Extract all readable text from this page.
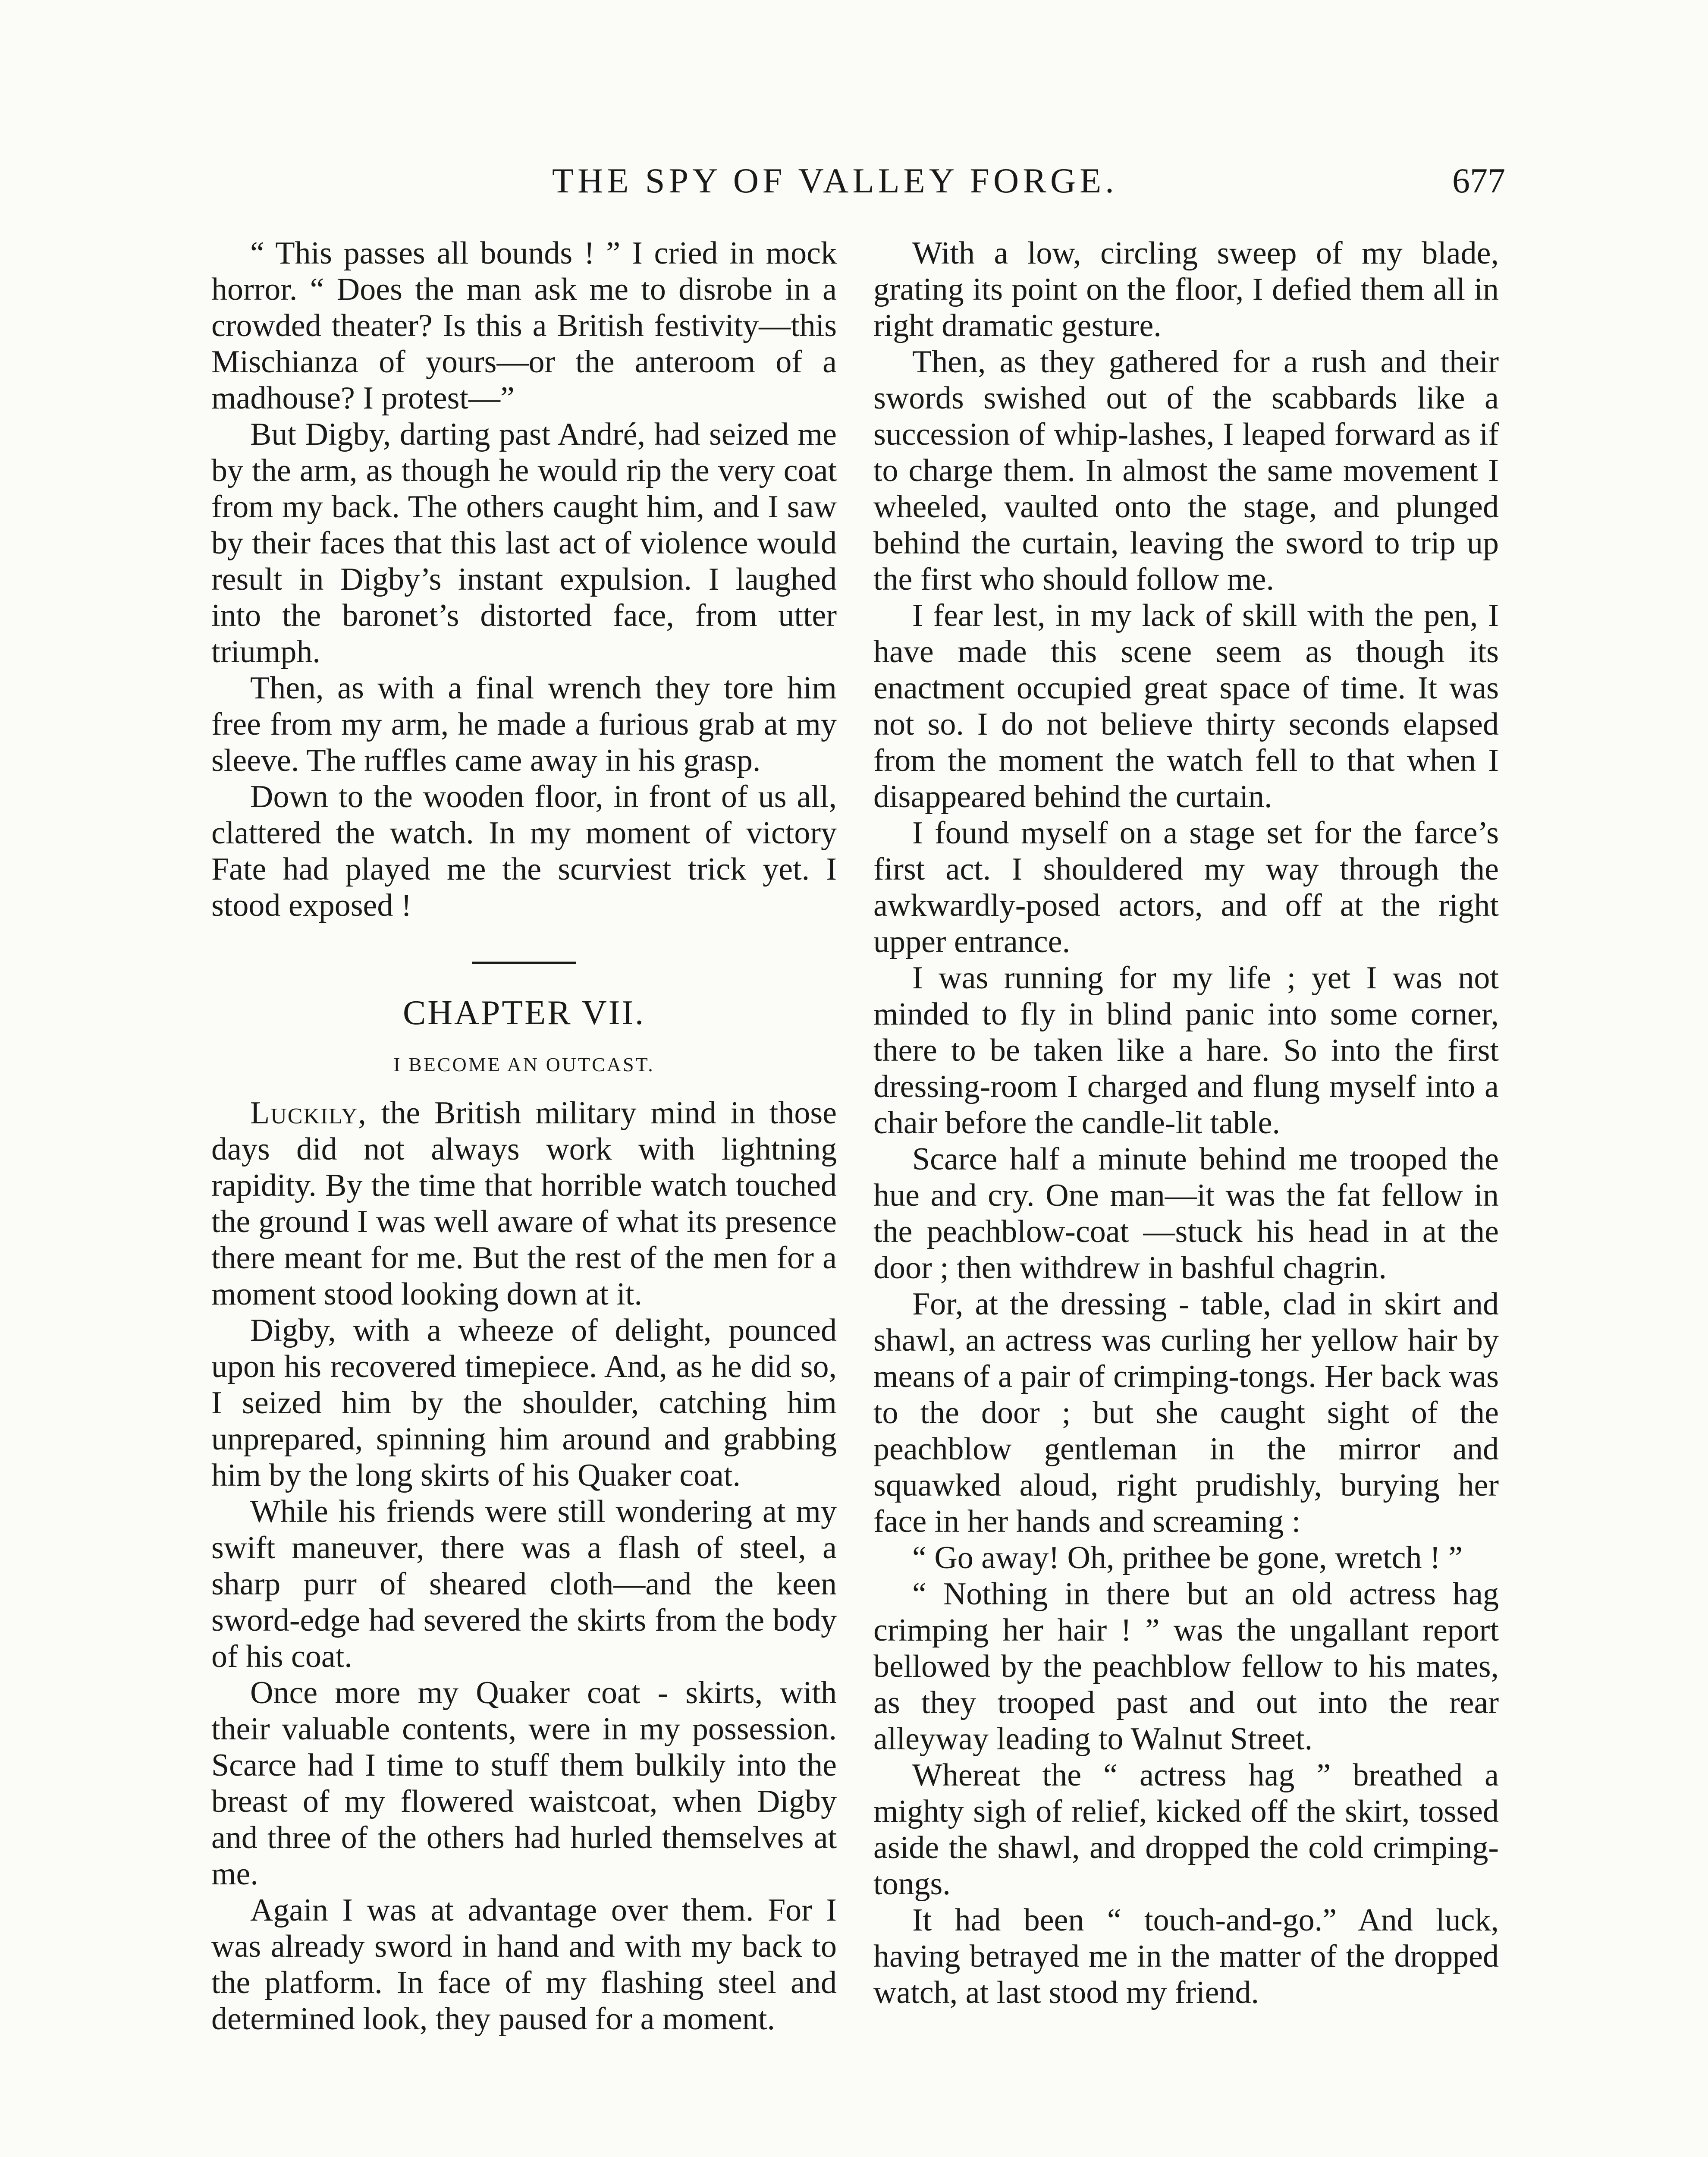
THE SPY OF VALLEY FORGE.	677

“ This passes all bounds ! ” I cried in mock horror. “ Does the man ask me to disrobe in a crowded theater? Is this a British festivity—this Mischianza of yours—or the anteroom of a madhouse? I protest—”

But Digby, darting past André, had seized me by the arm, as though he would rip the very coat from my back. The others caught him, and I saw by their faces that this last act of violence would result in Digby’s instant expulsion. I laughed into the baronet’s distorted face, from utter triumph.

Then, as with a final wrench they tore him free from my arm, he made a furious grab at my sleeve. The ruffles came away in his grasp.

Down to the wooden floor, in front of us all, clattered the watch. In my moment of victory Fate had played me the scurviest trick yet. I stood exposed !

CHAPTER VII.
I BECOME AN OUTCAST.

Luckily, the British military mind in those days did not always work with lightning rapidity. By the time that horrible watch touched the ground I was well aware of what its presence there meant for me. But the rest of the men for a moment stood looking down at it.

Digby, with a wheeze of delight, pounced upon his recovered timepiece. And, as he did so, I seized him by the shoulder, catching him unprepared, spinning him around and grabbing him by the long skirts of his Quaker coat.

While his friends were still wondering at my swift maneuver, there was a flash of steel, a sharp purr of sheared cloth—and the keen sword-edge had severed the skirts from the body of his coat.

Once more my Quaker coat - skirts, with their valuable contents, were in my possession. Scarce had I time to stuff them bulkily into the breast of my flowered waistcoat, when Digby and three of the others had hurled themselves at me.

Again I was at advantage over them. For I was already sword in hand and with my back to the platform. In face of my flashing steel and determined look, they paused for a moment.

With a low, circling sweep of my blade, grating its point on the floor, I defied them all in right dramatic gesture.

Then, as they gathered for a rush and their swords swished out of the scabbards like a succession of whip-lashes, I leaped forward as if to charge them. In almost the same movement I wheeled, vaulted onto the stage, and plunged behind the curtain, leaving the sword to trip up the first who should follow me.

I fear lest, in my lack of skill with the pen, I have made this scene seem as though its enactment occupied great space of time. It was not so. I do not believe thirty seconds elapsed from the moment the watch fell to that when I disappeared behind the curtain.

I found myself on a stage set for the farce’s first act. I shouldered my way through the awkwardly-posed actors, and off at the right upper entrance.

I was running for my life ; yet I was not minded to fly in blind panic into some corner, there to be taken like a hare. So into the first dressing-room I charged and flung myself into a chair before the candle-lit table.

Scarce half a minute behind me trooped the hue and cry. One man—it was the fat fellow in the peachblow-coat —stuck his head in at the door ; then withdrew in bashful chagrin.

For, at the dressing - table, clad in skirt and shawl, an actress was curling her yellow hair by means of a pair of crimping-tongs. Her back was to the door ; but she caught sight of the peachblow gentleman in the mirror and squawked aloud, right prudishly, burying her face in her hands and screaming :

“ Go away! Oh, prithee be gone, wretch ! ”

“ Nothing in there but an old actress hag crimping her hair ! ” was the ungallant report bellowed by the peachblow fellow to his mates, as they trooped past and out into the rear alleyway leading to Walnut Street.

Whereat the “ actress hag ” breathed a mighty sigh of relief, kicked off the skirt, tossed aside the shawl, and dropped the cold crimping-tongs.

It had been “ touch-and-go.” And luck, having betrayed me in the matter of the dropped watch, at last stood my friend.
